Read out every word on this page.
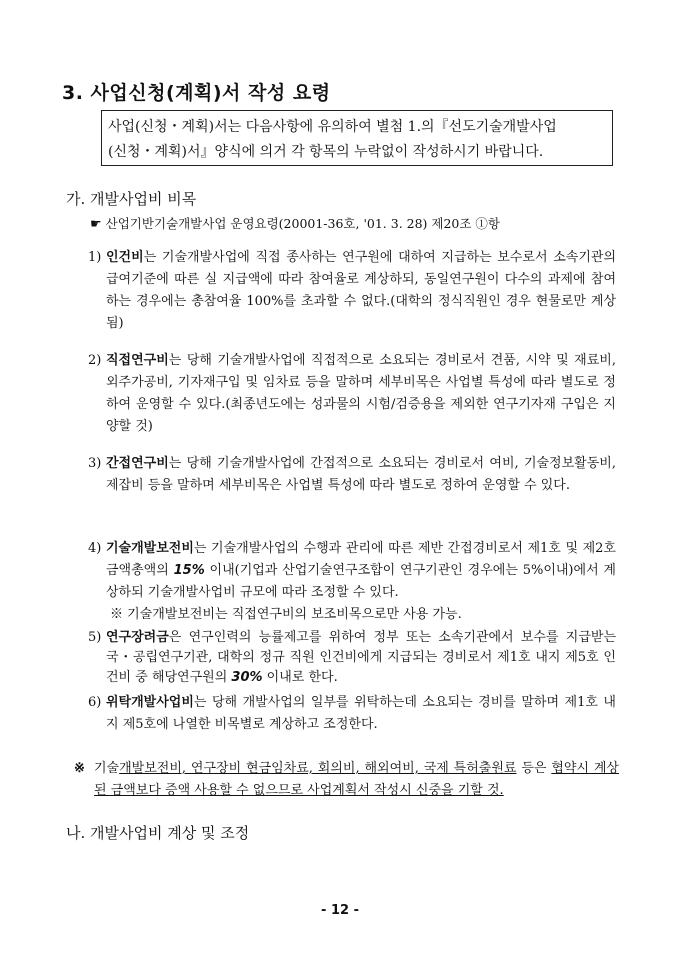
3. 사업신청(계획)서 작성 요령
사업(신청・계획)서는 다음사항에 유의하여 별첨 1.의『선도기술개발사업
(신청・계획)서』양식에 의거 각 항목의 누락없이 작성하시기 바랍니다.
가. 개발사업비 비목
☛ 산업기반기술개발사업 운영요령(20001-36호, '01. 3. 28) 제20조 ①항
1) 인건비는 기술개발사업에 직접 종사하는 연구원에 대하여 지급하는 보수로서 소속기관의 급여기준에 따른 실 지급액에 따라 참여율로 계상하되, 동일연구원이 다수의 과제에 참여하는 경우에는 총참여율 100%를 초과할 수 없다.(대학의 정식직원인 경우 현물로만 계상됨)
2) 직접연구비는 당해 기술개발사업에 직접적으로 소요되는 경비로서 견품, 시약 및 재료비, 외주가공비, 기자재구입 및 임차료 등을 말하며 세부비목은 사업별 특성에 따라 별도로 정하여 운영할 수 있다.(최종년도에는 성과물의 시험/검증용을 제외한 연구기자재 구입은 지양할 것)
3) 간접연구비는 당해 기술개발사업에 간접적으로 소요되는 경비로서 여비, 기술정보활동비, 제잡비 등을 말하며 세부비목은 사업별 특성에 따라 별도로 정하여 운영할 수 있다.
4) 기술개발보전비는 기술개발사업의 수행과 관리에 따른 제반 간접경비로서 제1호 및 제2호 금액총액의 15% 이내(기업과 산업기술연구조합이 연구기관인 경우에는 5%이내)에서 계상하되 기술개발사업비 규모에 따라 조정할 수 있다.
※ 기술개발보전비는 직접연구비의 보조비목으로만 사용 가능.
5) 연구장려금은 연구인력의 능률제고를 위하여 정부 또는 소속기관에서 보수를 지급받는 국・공립연구기관, 대학의 정규 직원 인건비에게 지급되는 경비로서 제1호 내지 제5호 인건비 중 해당연구원의 30% 이내로 한다.
6) 위탁개발사업비는 당해 개발사업의 일부를 위탁하는데 소요되는 경비를 말하며 제1호 내지 제5호에 나열한 비목별로 계상하고 조정한다.
※ 기술개발보전비, 연구장비 현금임차료, 회의비, 해외여비, 국제 특허출원료 등은 협약시 계상된 금액보다 증액 사용할 수 없으므로 사업계획서 작성시 신중을 기할 것.
나. 개발사업비 계상 및 조정
- 12 -
